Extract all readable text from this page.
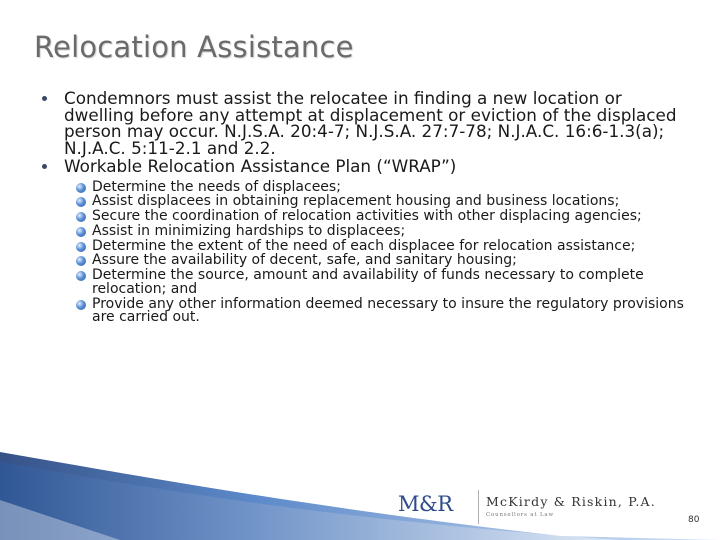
Relocation Assistance
Condemnors must assist the relocatee in finding a new location or dwelling before any attempt at displacement or eviction of the displaced person may occur. N.J.S.A. 20:4-7; N.J.S.A. 27:7-78; N.J.A.C. 16:6-1.3(a); N.J.A.C. 5:11-2.1 and 2.2.
Workable Relocation Assistance Plan (“WRAP”)
Determine the needs of displacees;
Assist displacees in obtaining replacement housing and business locations;
Secure the coordination of relocation activities with other displacing agencies;
Assist in minimizing hardships to displacees;
Determine the extent of the need of each displacee for relocation assistance;
Assure the availability of decent, safe, and sanitary housing;
Determine the source, amount and availability of funds necessary to complete relocation; and
Provide any other information deemed necessary to insure the regulatory provisions are carried out.
M&R	McKirdy & Riskin, P.A.
Counsellors at Law	80
